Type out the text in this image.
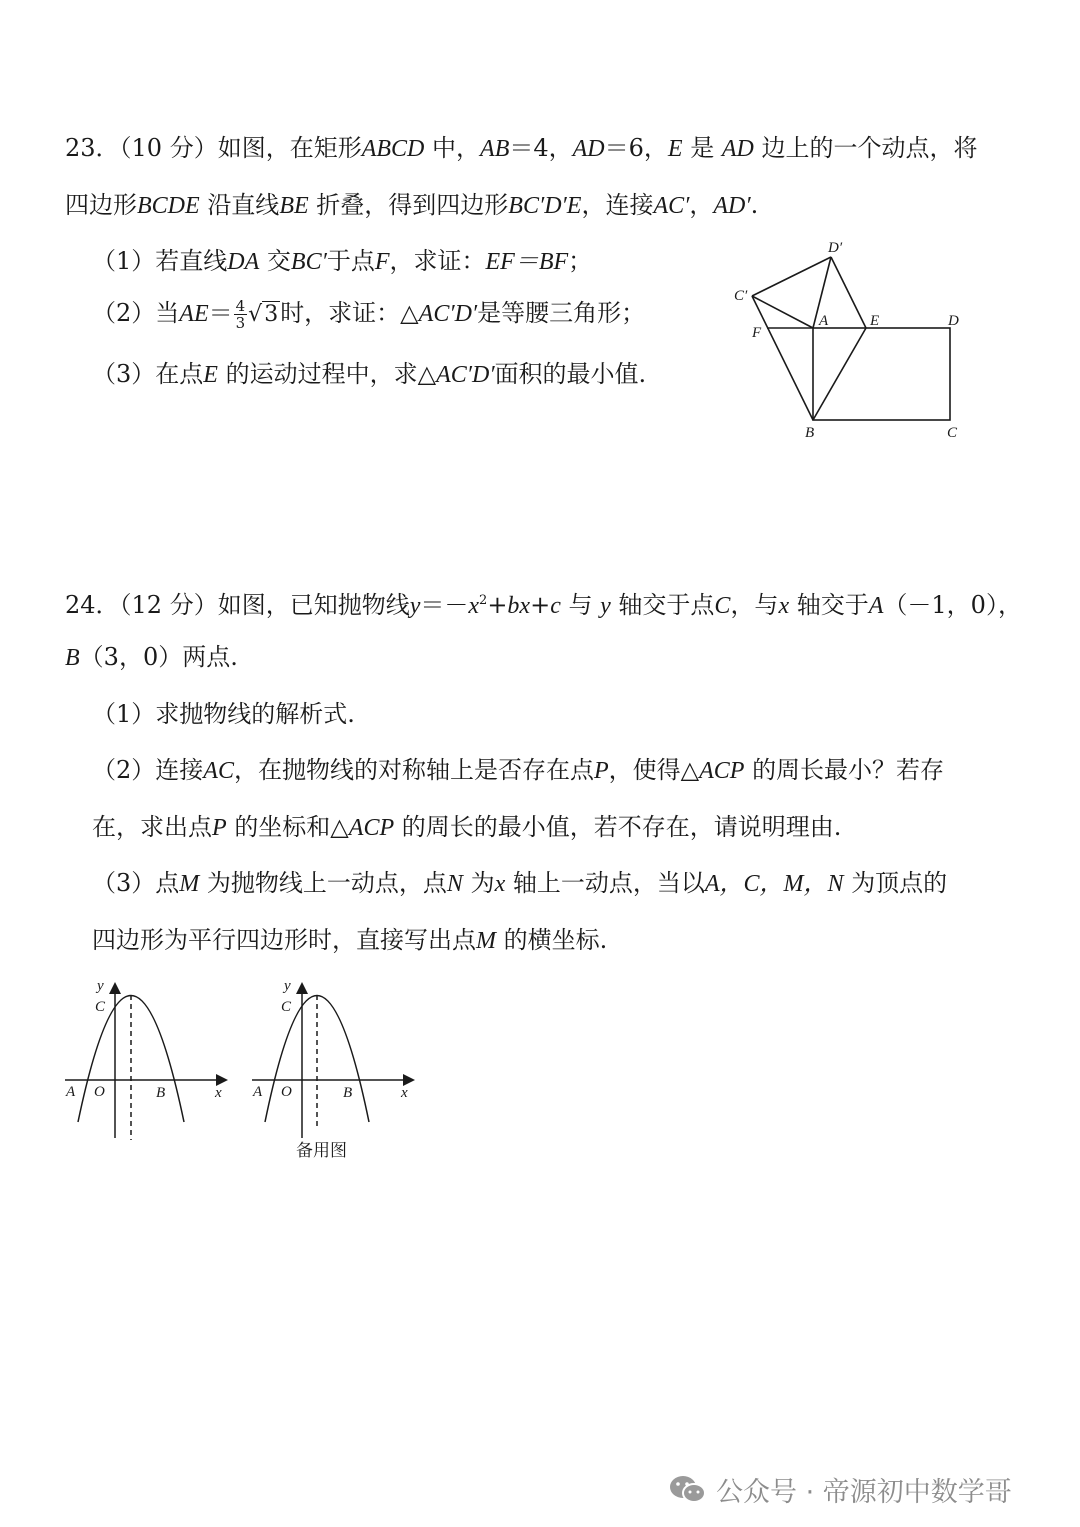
23．（10 分）如图，在矩形ABCD 中，AB＝4，AD＝6，E 是 AD 边上的一个动点，将
四边形BCDE 沿直线BE 折叠，得到四边形BC′D′E，连接AC′，AD′.
（1）若直线DA 交BC′于点F，求证：EF＝BF；
（2）当$AE= \frac{4}{3} √3$时，求证：△AC′D′是等腰三角形；
（3）在点E 的运动过程中，求△AC′D′面积的最小值.
D′
C′
F
A	E	D
B	C
24．（12 分）如图，已知抛物线$y=-x^2+bx+c$ 与 y 轴交于点C，与x 轴交于A（－1，0），
B（3，0）两点.
（1）求抛物线的解析式.
（2）连接AC，在抛物线的对称轴上是否存在点P，使得△ACP 的周长最小？若存
在，求出点P 的坐标和△ACP 的周长的最小值，若不存在，请说明理由.
（3）点M 为抛物线上一动点，点N 为x 轴上一动点，当以A，C，M，N 为顶点的
四边形为平行四边形时，直接写出点M 的横坐标.
y
C
A O	B	x
y
C
A O	B	x
备用图
公众号 · 帝源初中数学哥
